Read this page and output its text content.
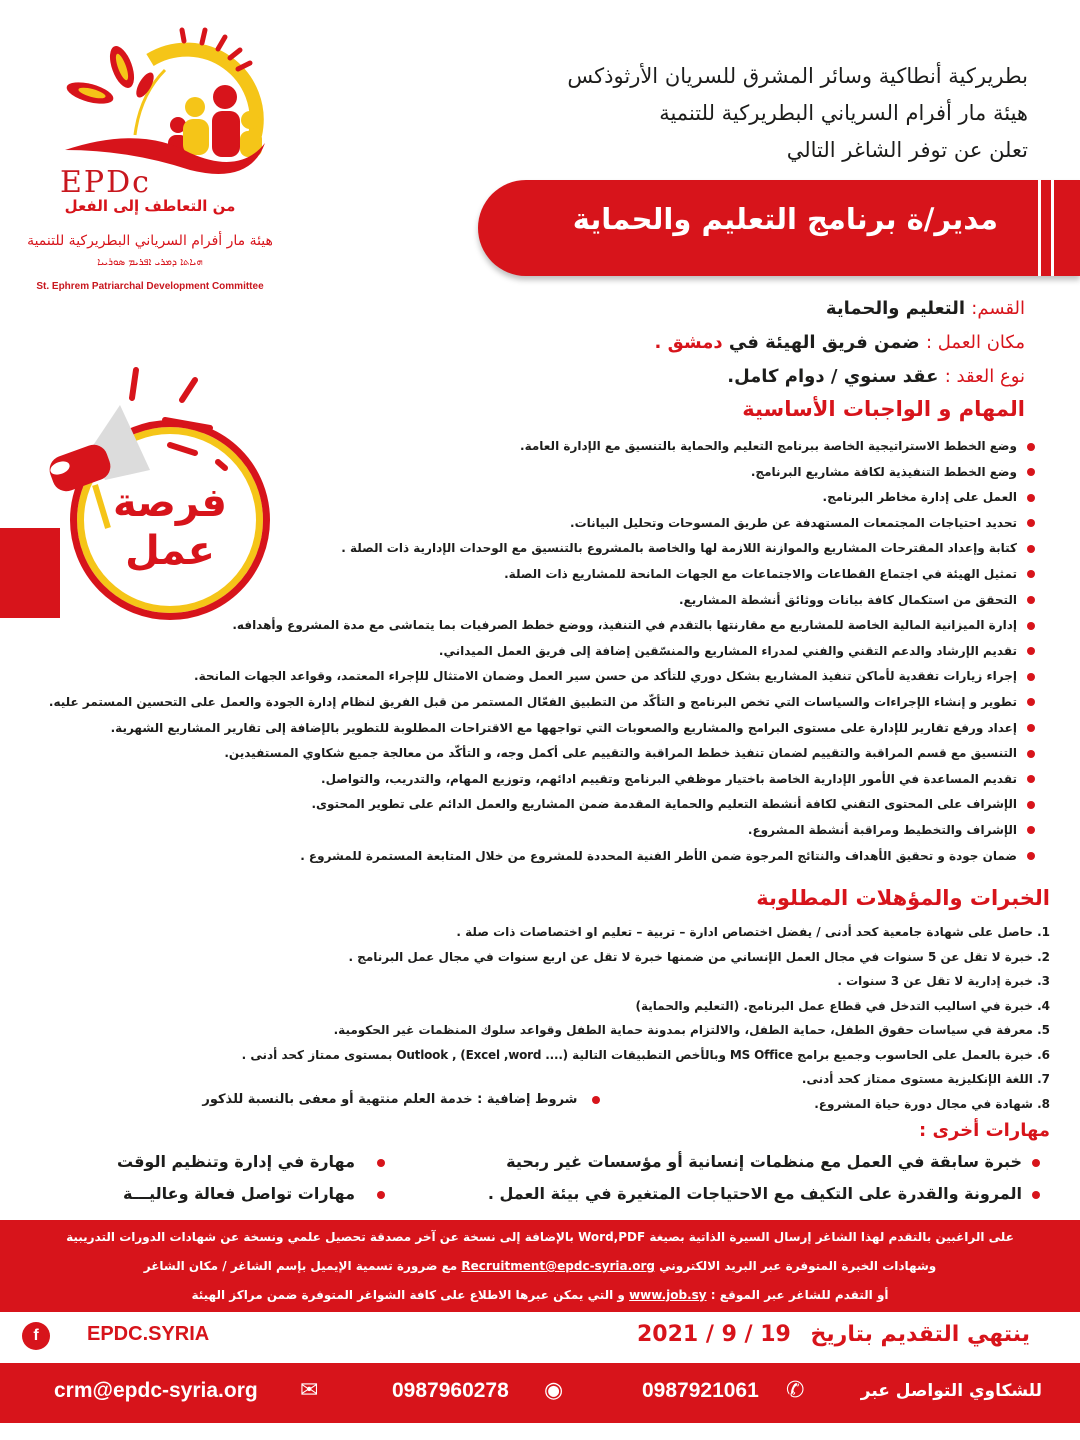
EPDc
من التعاطف إلى الفعل
هيئة مار أفرام السرياني البطريركية للتنمية
ܗܝܐܬܐ ܕܡܪܝ ܐܦܪܝܡ ܣܘܪܝܝܐ
St. Ephrem Patriarchal Development Committee
بطريركية أنطاكية وسائر المشرق للسريان الأرثوذكس
هيئة مار أفرام السرياني البطريركية للتنمية
تعلن عن توفر الشاغر التالي
مدير/ة برنامج التعليم والحماية
فرصة
عمل
القسم: التعليم والحماية
مكان العمل : ضمن فريق الهيئة في دمشق .
نوع العقد : عقد سنوي / دوام كامل.
المهام و الواجبات الأساسية
وضع الخطط الاستراتيجية الخاصة ببرنامج التعليم والحماية بالتنسيق مع الإدارة العامة.
وضع الخطط التنفيذية لكافة مشاريع البرنامج.
العمل على إدارة مخاطر البرنامج.
تحديد احتياجات المجتمعات المستهدفة عن طريق المسوحات وتحليل البيانات.
كتابة وإعداد المقترحات المشاريع والموازنة اللازمة لها والخاصة بالمشروع بالتنسيق مع الوحدات الإدارية ذات الصلة .
تمثيل الهيئة في اجتماع القطاعات والاجتماعات مع الجهات المانحة للمشاريع ذات الصلة.
التحقق من استكمال كافة بيانات ووثائق أنشطة المشاريع.
إدارة الميزانية المالية الخاصة للمشاريع مع مقارنتها بالتقدم في التنفيذ، ووضع خطط الصرفيات بما يتماشى مع مدة المشروع وأهدافه.
تقديم الإرشاد والدعم التقني والفني لمدراء المشاريع والمنسّقين إضافة إلى فريق العمل الميداني.
إجراء زيارات تفقدية لأماكن تنفيذ المشاريع بشكل دوري للتأكد من حسن سير العمل وضمان الامتثال للإجراء المعتمد، وقواعد الجهات المانحة.
تطوير و إنشاء الإجراءات والسياسات التي تخص البرنامج و التأكّد من التطبيق الفعّال المستمر من قبل الفريق لنظام إدارة الجودة والعمل على التحسين المستمر عليه.
إعداد ورفع تقارير للإدارة على مستوى البرامج والمشاريع والصعوبات التي تواجهها مع الاقتراحات المطلوبة للتطوير بالإضافة إلى تقارير المشاريع الشهرية.
التنسيق مع قسم المراقبة والتقييم لضمان تنفيذ خطط المراقبة والتقييم على أكمل وجه، و التأكّد من معالجة جميع شكاوي المستفيدين.
تقديم المساعدة في الأمور الإدارية الخاصة باختيار موظفي البرنامج وتقييم ادائهم، وتوزيع المهام، والتدريب، والتواصل.
الإشراف على المحتوى التقني لكافة أنشطة التعليم والحماية المقدمة ضمن المشاريع والعمل الدائم على تطوير المحتوى.
الإشراف والتخطيط ومراقبة أنشطة المشروع.
ضمان جودة و تحقيق الأهداف والنتائج المرجوة ضمن الأطر الفنية المحددة للمشروع من خلال المتابعة المستمرة للمشروع .
الخبرات والمؤهلات المطلوبة
1. حاصل على شهادة جامعية كحد أدنى / يفضل اختصاص ادارة – تربية – تعليم او اختصاصات ذات صلة .
2. خبرة لا تقل عن 5 سنوات في مجال العمل الإنساني من ضمنها خبرة لا تقل عن اربع سنوات في مجال عمل البرنامج .
3. خبرة إدارية لا تقل عن 3 سنوات .
4. خبرة في اساليب التدخل في قطاع عمل البرنامج. (التعليم والحماية)
5. معرفة في سياسات حقوق الطفل، حماية الطفل، والالتزام بمدونة حماية الطفل وقواعد سلوك المنظمات غير الحكومية.
6. خبرة بالعمل على الحاسوب وجميع برامج MS Office وبالأخص التطبيقات التالية Outlook , (Excel ,word ....) بمستوى ممتاز كحد أدنى .
7. اللغة الإنكليزية مستوى ممتاز كحد أدنى.
8. شهادة في مجال دورة حياة المشروع.
شروط إضافية : خدمة العلم منتهية أو معفى بالنسبة للذكور
مهارات أخرى :
خبرة سابقة في العمل مع منظمات إنسانية أو مؤسسات غير ربحية
المرونة والقدرة على التكيف مع الاحتياجات المتغيرة في بيئة العمل .
مهارة في إدارة وتنظيم الوقت
مهارات تواصل فعالة وعاليـــة

على الراغبين بالتقدم لهذا الشاغر إرسال السيرة الذاتية بصيغة Word,PDF بالإضافة إلى نسخة عن آخر مصدقة تحصيل علمي ونسخة عن شهادات الدورات التدريبية

وشهادات الخبرة المتوفرة عبر البريد الالكتروني Recruitment@epdc-syria.org مع ضرورة تسمية الإيميل بإسم الشاغر / مكان الشاغر

أو التقدم للشاغر عبر الموقع : www.job.sy و التي يمكن عبرها الاطلاع على كافة الشواغر المتوفرة ضمن مراكز الهيئة

ينتهي التقديم بتاريخ 2021 / 9 / 19
f	EPDC.SYRIA
للشكاوي التواصل عبر
✆
0987921061
◉
0987960278
✉
crm@epdc-syria.org
